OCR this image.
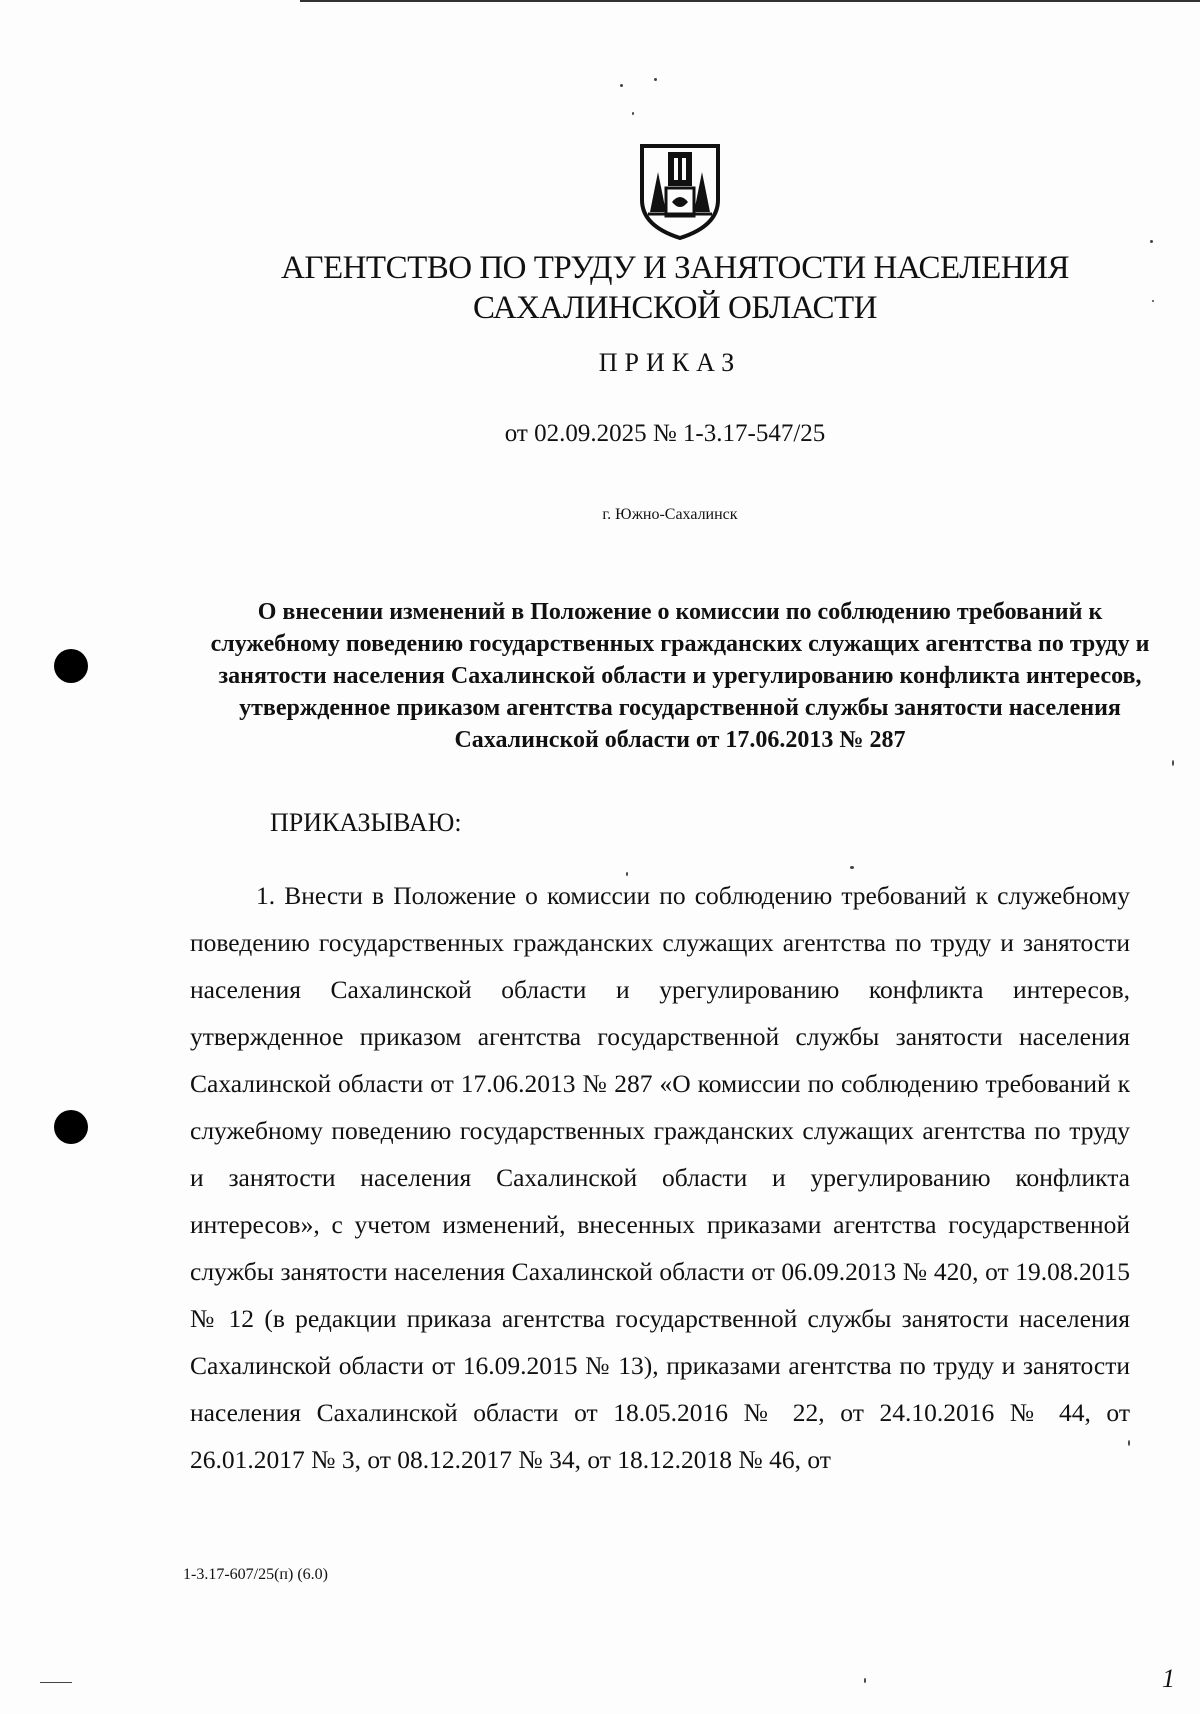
АГЕНТСТВО ПО ТРУДУ И ЗАНЯТОСТИ НАСЕЛЕНИЯ
САХАЛИНСКОЙ ОБЛАСТИ
ПРИКАЗ
от 02.09.2025 № 1-3.17-547/25
г. Южно-Сахалинск
О внесении изменений в Положение о комиссии по соблюдению требований к служебному поведению государственных гражданских служащих агентства по труду и занятости населения Сахалинской области и урегулированию конфликта интересов, утвержденное приказом агентства государственной службы занятости населения Сахалинской области от 17.06.2013 № 287
ПРИКАЗЫВАЮ:
1. Внести в Положение о комиссии по соблюдению требований к служебному поведению государственных гражданских служащих агентства по труду и занятости населения Сахалинской области и урегулированию конфликта интересов, утвержденное приказом агентства государственной службы занятости населения Сахалинской области от 17.06.2013 № 287 «О комиссии по соблюдению требований к служебному поведению государственных гражданских служащих агентства по труду и занятости населения Сахалинской области и урегулированию конфликта интересов», с учетом изменений, внесенных приказами агентства государственной службы занятости населения Сахалинской области от 06.09.2013 № 420, от 19.08.2015 № 12 (в редакции приказа агентства государственной службы занятости населения Сахалинской области от 16.09.2015 № 13), приказами агентства по труду и занятости населения Сахалинской области от 18.05.2016 № 22, от 24.10.2016 № 44, от 26.01.2017 № 3, от 08.12.2017 № 34, от 18.12.2018 № 46, от
1-3.17-607/25(п) (6.0)
1
